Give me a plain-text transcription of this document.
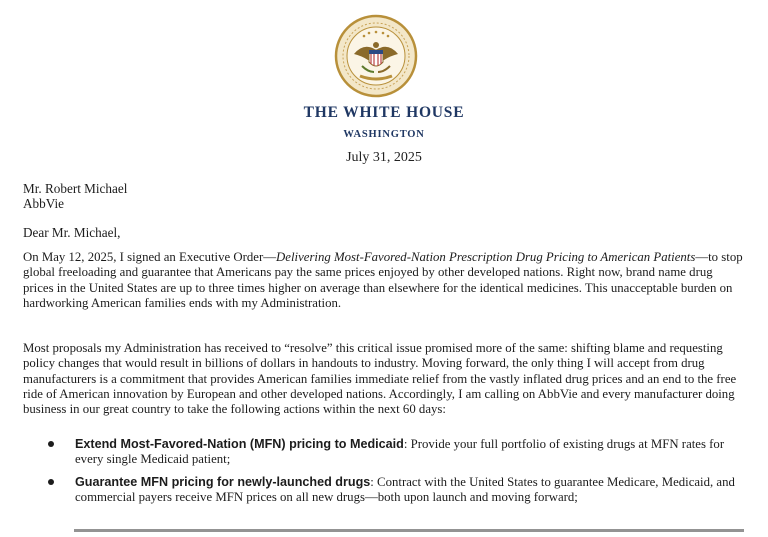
THE WHITE HOUSE
WASHINGTON
July 31, 2025
Mr. Robert Michael
AbbVie
Dear Mr. Michael,
On May 12, 2025, I signed an Executive Order—Delivering Most-Favored-Nation Prescription Drug Pricing to American Patients—to stop global freeloading and guarantee that Americans pay the same prices enjoyed by other developed nations. Right now, brand name drug prices in the United States are up to three times higher on average than elsewhere for the identical medicines. This unacceptable burden on hardworking American families ends with my Administration.
Most proposals my Administration has received to “resolve” this critical issue promised more of the same: shifting blame and requesting policy changes that would result in billions of dollars in handouts to industry. Moving forward, the only thing I will accept from drug manufacturers is a commitment that provides American families immediate relief from the vastly inflated drug prices and an end to the free ride of American innovation by European and other developed nations. Accordingly, I am calling on AbbVie and every manufacturer doing business in our great country to take the following actions within the next 60 days:
Extend Most-Favored-Nation (MFN) pricing to Medicaid: Provide your full portfolio of existing drugs at MFN rates for every single Medicaid patient;
Guarantee MFN pricing for newly-launched drugs: Contract with the United States to guarantee Medicare, Medicaid, and commercial payers receive MFN prices on all new drugs—both upon launch and moving forward;
